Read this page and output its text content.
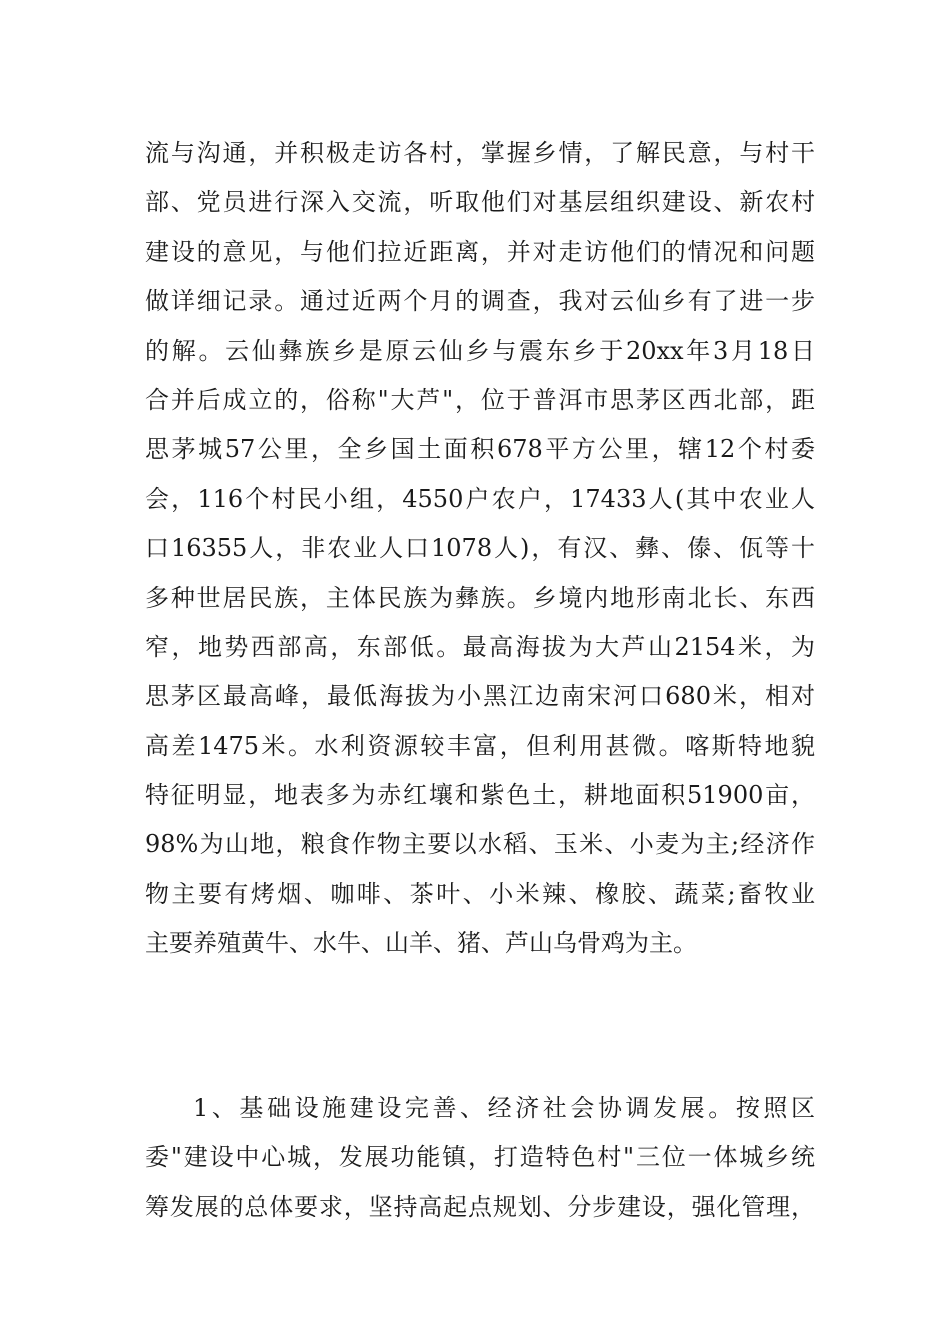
流与沟通，并积极走访各村，掌握乡情，了解民意，与村干
部、党员进行深入交流，听取他们对基层组织建设、新农村
建设的意见，与他们拉近距离，并对走访他们的情况和问题
做详细记录。通过近两个月的调查，我对云仙乡有了进一步
的解。云仙彝族乡是原云仙乡与震东乡于20xx年3月18日
合并后成立的，俗称"大芦"，位于普洱市思茅区西北部，距
思茅城57公里，全乡国土面积678平方公里，辖12个村委
会，116个村民小组，4550户农户，17433人(其中农业人
口16355人，非农业人口1078人)，有汉、彝、傣、佤等十
多种世居民族，主体民族为彝族。乡境内地形南北长、东西
窄，地势西部高，东部低。最高海拔为大芦山2154米，为
思茅区最高峰，最低海拔为小黑江边南宋河口680米，相对
高差1475米。水利资源较丰富，但利用甚微。喀斯特地貌
特征明显，地表多为赤红壤和紫色土，耕地面积51900亩，
98%为山地，粮食作物主要以水稻、玉米、小麦为主;经济作
物主要有烤烟、咖啡、茶叶、小米辣、橡胶、蔬菜;畜牧业
主要养殖黄牛、水牛、山羊、猪、芦山乌骨鸡为主。
1、基础设施建设完善、经济社会协调发展。按照区
委"建设中心城，发展功能镇，打造特色村"三位一体城乡统
筹发展的总体要求，坚持高起点规划、分步建设，强化管理，
